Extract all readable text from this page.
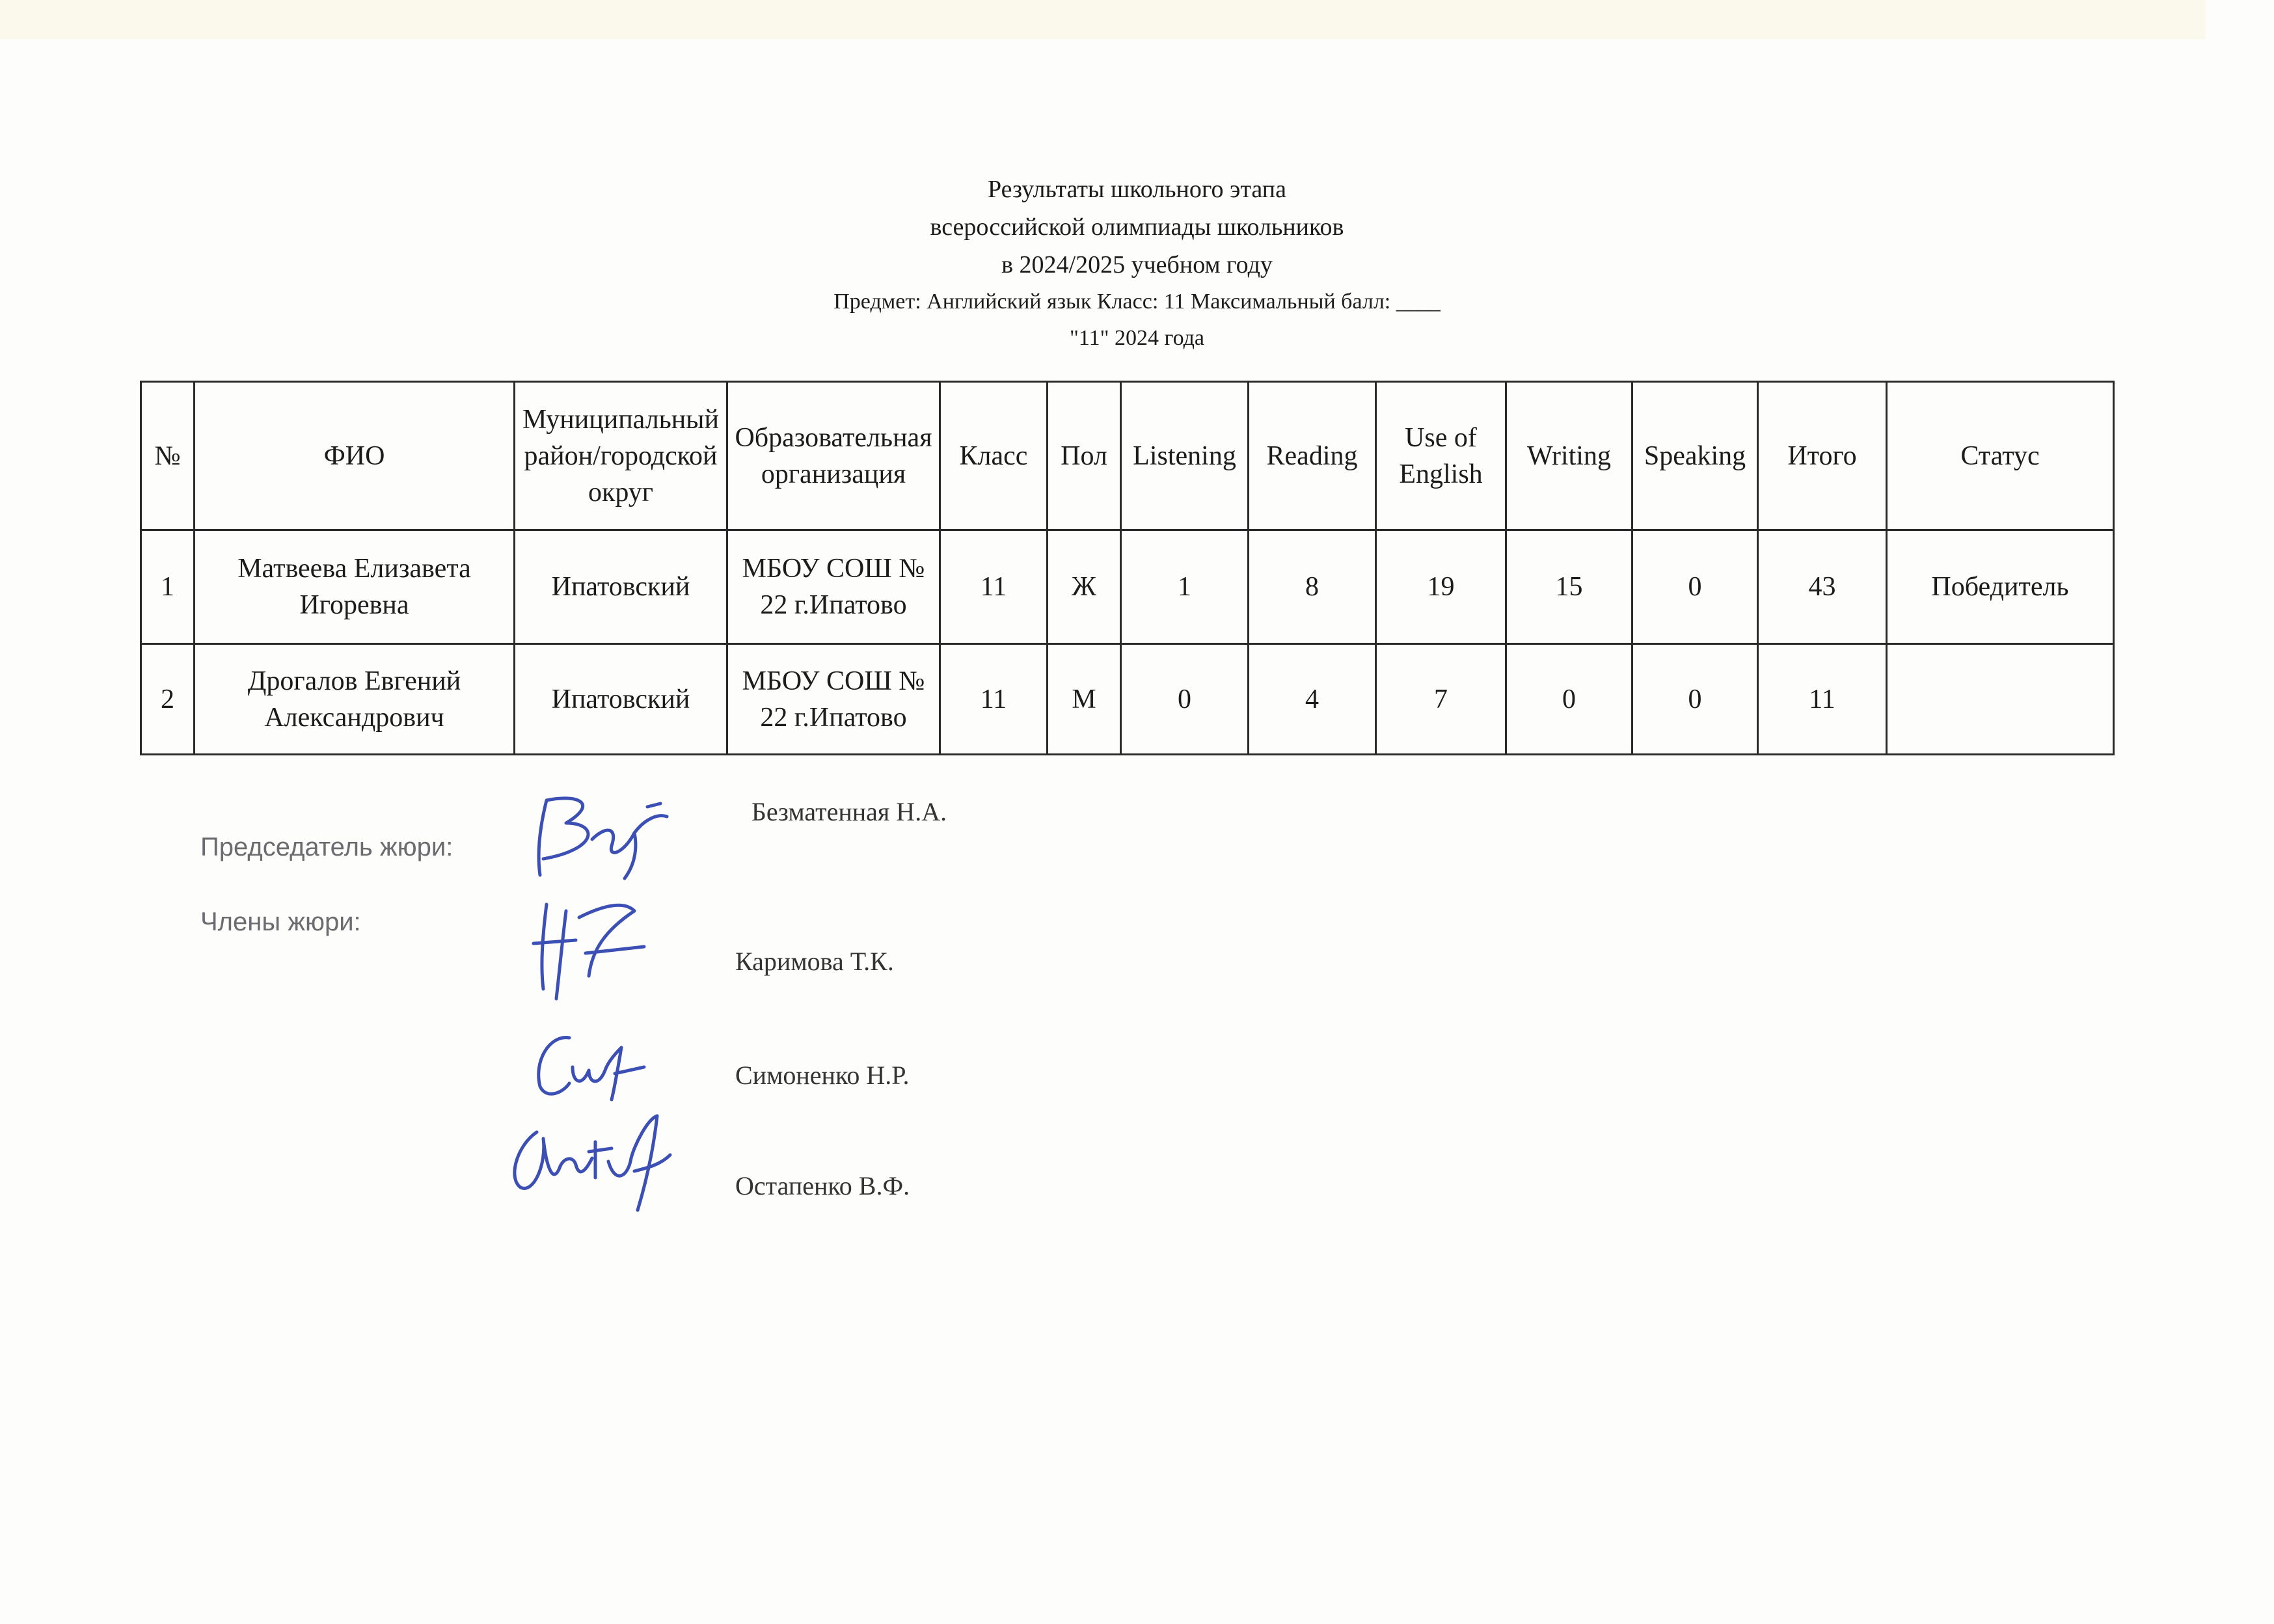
Результаты школьного этапа
всероссийской олимпиады школьников
в 2024/2025 учебном году
Предмет: Английский язык Класс: 11 Максимальный балл: ____
"11" 2024 года
№	ФИО	Муниципальный район/городской округ	Образовательная организация	Класс	Пол	Listening	Reading	Use of English	Writing	Speaking	Итого	Статус
1	Матвеева Елизавета Игоревна	Ипатовский	МБОУ СОШ № 22 г.Ипатово	11	Ж	1	8	19	15	0	43	Победитель
2	Дрогалов Евгений Александрович	Ипатовский	МБОУ СОШ № 22 г.Ипатово	11	М	0	4	7	0	0	11	
Председатель жюри:
Безматенная Н.А.
Члены жюри:
Каримова Т.К.
Симоненко Н.Р.
Остапенко В.Ф.
